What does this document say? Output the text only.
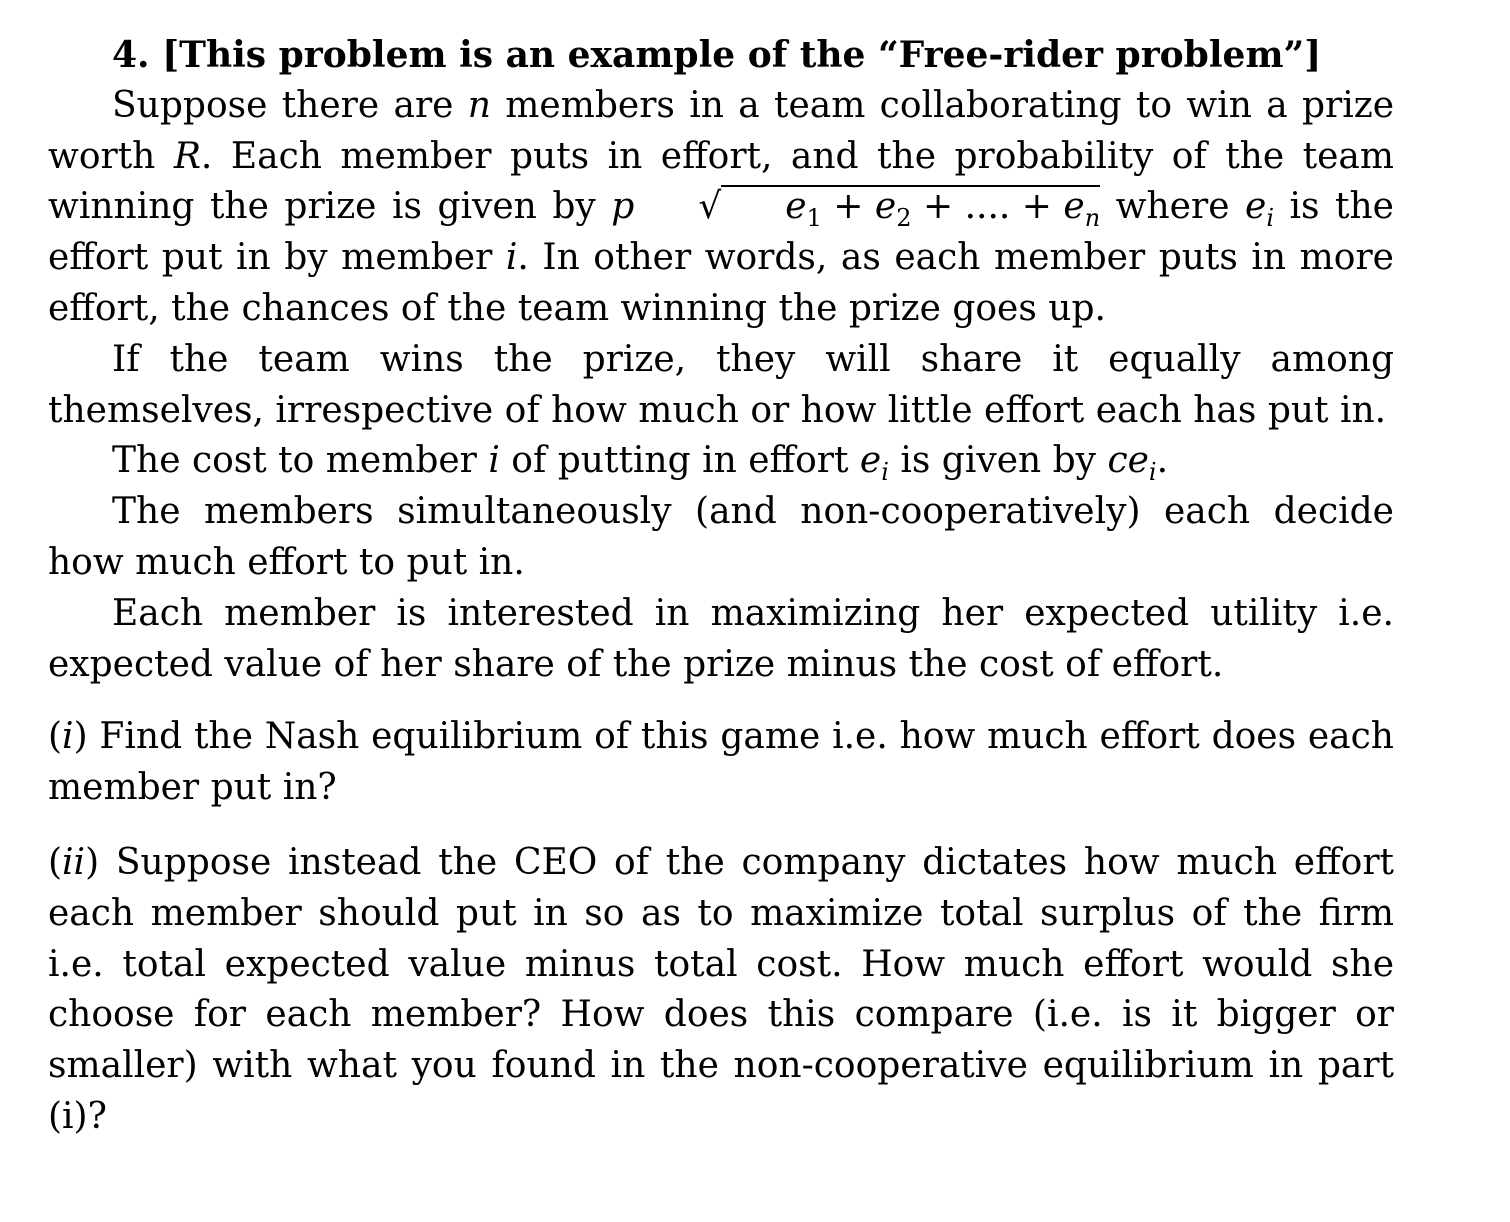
4. [This problem is an example of the “Free-rider problem”]

Suppose there are n members in a team collaborating to win a prize worth R. Each member puts in effort, and the probability of the team winning the prize is given by p √ $e_1 + e_2$ + .... + $e_n$ where $e_i$ is the effort put in by member i. In other words, as each member puts in more effort, the chances of the team winning the prize goes up.

If the team wins the prize, they will share it equally among themselves, irrespective of how much or how little effort each has put in.

The cost to member i of putting in effort $e_i$ is given by $ce_i$.

The members simultaneously (and non-cooperatively) each decide how much effort to put in.

Each member is interested in maximizing her expected utility i.e. expected value of her share of the prize minus the cost of effort.

(i) Find the Nash equilibrium of this game i.e. how much effort does each member put in?

(ii) Suppose instead the CEO of the company dictates how much effort each member should put in so as to maximize total surplus of the firm i.e. total expected value minus total cost. How much effort would she choose for each member? How does this compare (i.e. is it bigger or smaller) with what you found in the non-cooperative equilibrium in part (i)?
